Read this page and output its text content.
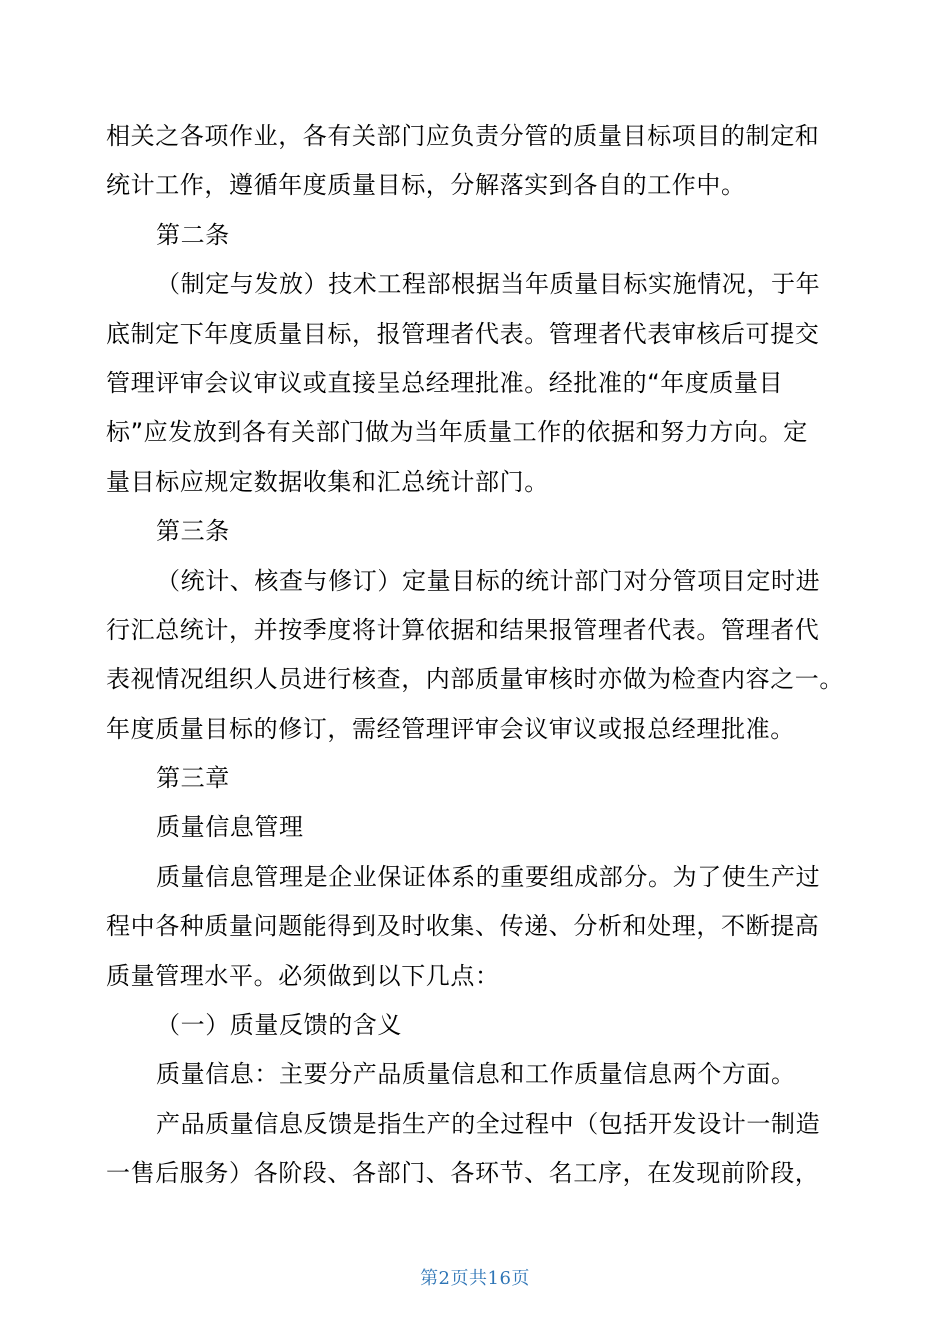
相关之各项作业，各有关部门应负责分管的质量目标项目的制定和
统计工作，遵循年度质量目标，分解落实到各自的工作中。
第二条
（制定与发放）技术工程部根据当年质量目标实施情况，于年
底制定下年度质量目标，报管理者代表。管理者代表审核后可提交
管理评审会议审议或直接呈总经理批准。经批准的“年度质量目
标”应发放到各有关部门做为当年质量工作的依据和努力方向。定
量目标应规定数据收集和汇总统计部门。
第三条
（统计、核查与修订）定量目标的统计部门对分管项目定时进
行汇总统计，并按季度将计算依据和结果报管理者代表。管理者代
表视情况组织人员进行核查，内部质量审核时亦做为检查内容之一。
年度质量目标的修订，需经管理评审会议审议或报总经理批准。
第三章
质量信息管理
质量信息管理是企业保证体系的重要组成部分。为了使生产过
程中各种质量问题能得到及时收集、传递、分析和处理，不断提高
质量管理水平。必须做到以下几点：
（一）质量反馈的含义
质量信息：主要分产品质量信息和工作质量信息两个方面。
产品质量信息反馈是指生产的全过程中（包括开发设计一制造
一售后服务）各阶段、各部门、各环节、名工序，在发现前阶段，
第2页共16页
